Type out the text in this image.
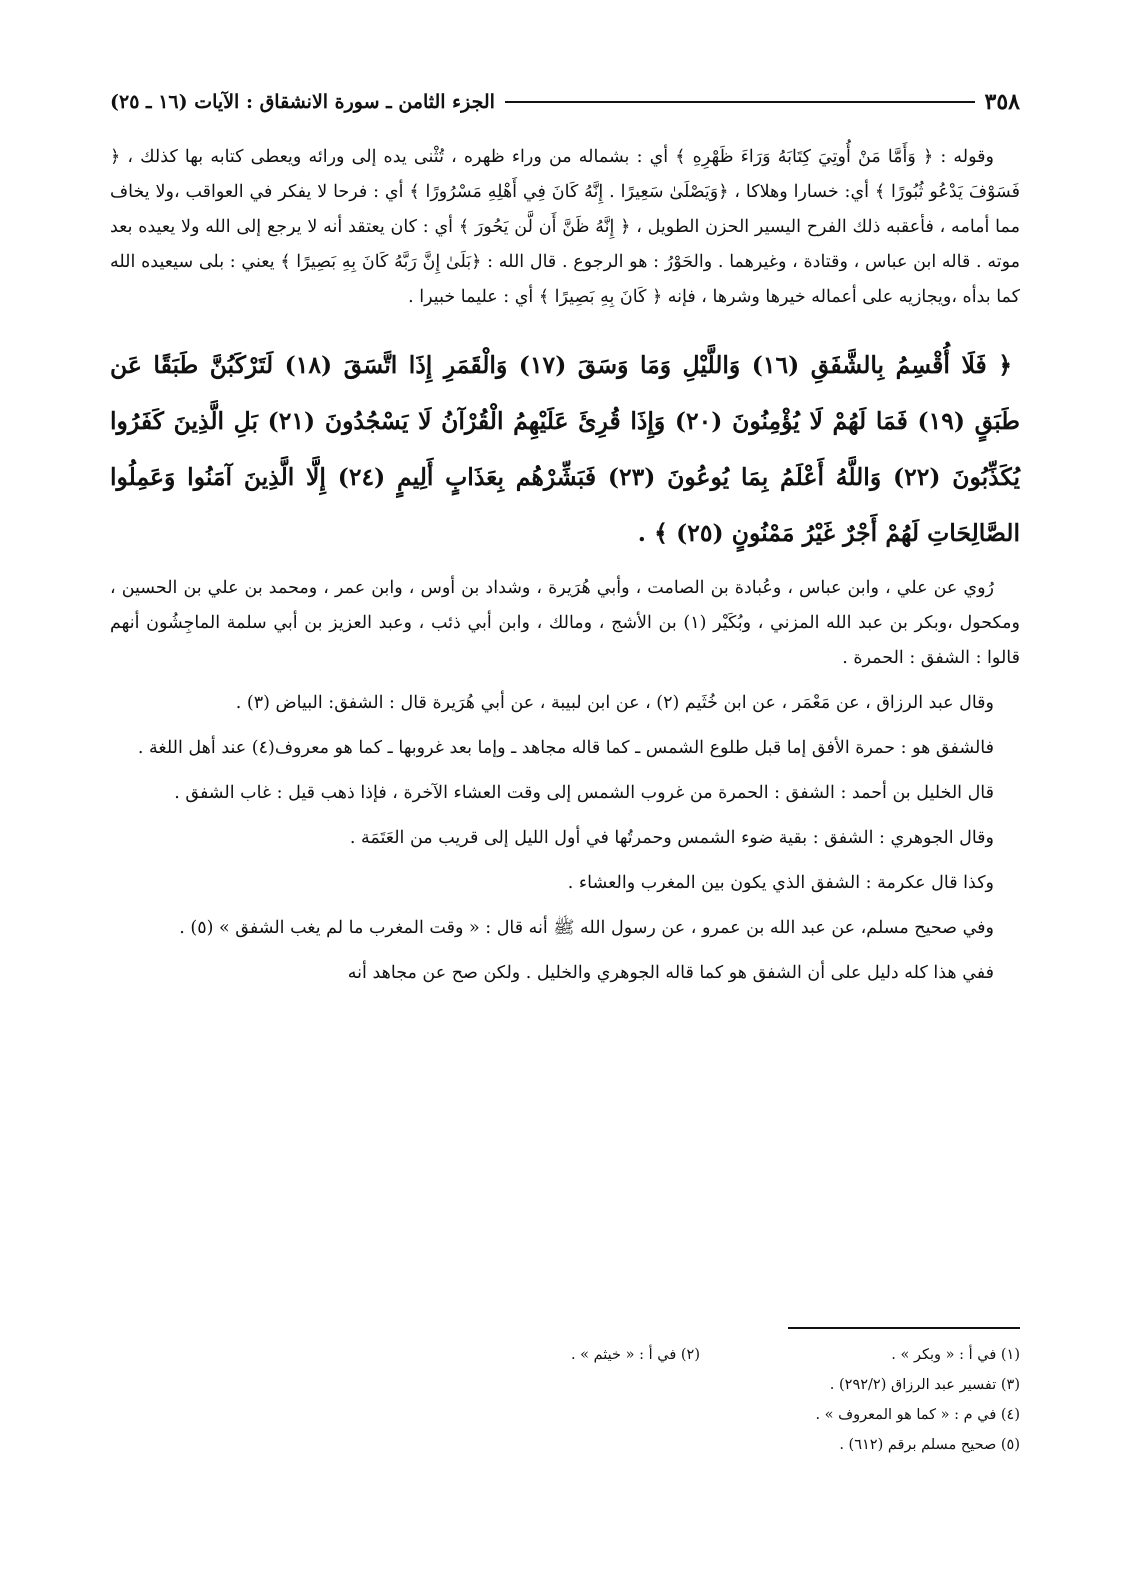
٣٥٨
الجزء الثامن ـ سورة الانشقاق : الآيات (١٦ ـ ٢٥)

وقوله : ﴿ وَأَمَّا مَنْ أُوتِيَ كِتَابَهُ وَرَاءَ ظَهْرِهِ ﴾ أي : بشماله من وراء ظهره ، تُثْنى يده إلى ورائه ويعطى كتابه بها كذلك ، ﴿ فَسَوْفَ يَدْعُو ثُبُورًا ﴾ أي: خسارا وهلاكا ، ﴿وَيَصْلَىٰ سَعِيرًا . إِنَّهُ كَانَ فِي أَهْلِهِ مَسْرُورًا ﴾ أي : فرحا لا يفكر في العواقب ،ولا يخاف مما أمامه ، فأعقبه ذلك الفرح اليسير الحزن الطويل ، ﴿ إِنَّهُ ظَنَّ أَن لَّن يَحُورَ ﴾ أي : كان يعتقد أنه لا يرجع إلى الله ولا يعيده بعد موته . قاله ابن عباس ، وقتادة ، وغيرهما . والحَوْرُ : هو الرجوع . قال الله : ﴿بَلَىٰ إِنَّ رَبَّهُ كَانَ بِهِ بَصِيرًا ﴾ يعني : بلى سيعيده الله كما بدأه ،ويجازيه على أعماله خيرها وشرها ، فإنه ﴿ كَانَ بِهِ بَصِيرًا ﴾ أي : عليما خبيرا .

﴿ فَلَا أُقْسِمُ بِالشَّفَقِ (١٦) وَاللَّيْلِ وَمَا وَسَقَ (١٧) وَالْقَمَرِ إِذَا اتَّسَقَ (١٨) لَتَرْكَبُنَّ طَبَقًا عَن طَبَقٍ (١٩) فَمَا لَهُمْ لَا يُؤْمِنُونَ (٢٠) وَإِذَا قُرِئَ عَلَيْهِمُ الْقُرْآنُ لَا يَسْجُدُونَ (٢١) بَلِ الَّذِينَ كَفَرُوا يُكَذِّبُونَ (٢٢) وَاللَّهُ أَعْلَمُ بِمَا يُوعُونَ (٢٣) فَبَشِّرْهُم بِعَذَابٍ أَلِيمٍ (٢٤) إِلَّا الَّذِينَ آمَنُوا وَعَمِلُوا الصَّالِحَاتِ لَهُمْ أَجْرٌ غَيْرُ مَمْنُونٍ (٢٥) ﴾ .

رُوي عن علي ، وابن عباس ، وعُبادة بن الصامت ، وأبي هُرَيرة ، وشداد بن أوس ، وابن عمر ، ومحمد بن علي بن الحسين ، ومكحول ،وبكر بن عبد الله المزني ، وبُكَيْر (١) بن الأشج ، ومالك ، وابن أبي ذئب ، وعبد العزيز بن أبي سلمة الماجِشُون أنهم قالوا : الشفق : الحمرة .

وقال عبد الرزاق ، عن مَعْمَر ، عن ابن خُثَيم (٢) ، عن ابن لبيبة ، عن أبي هُرَيرة قال : الشفق: البياض (٣) .

فالشفق هو : حمرة الأفق إما قبل طلوع الشمس ـ كما قاله مجاهد ـ وإما بعد غروبها ـ كما هو معروف(٤) عند أهل اللغة .

قال الخليل بن أحمد : الشفق : الحمرة من غروب الشمس إلى وقت العشاء الآخرة ، فإذا ذهب قيل : غاب الشفق .

وقال الجوهري : الشفق : بقية ضوء الشمس وحمرتُها في أول الليل إلى قريب من العَتَمَة .

وكذا قال عكرمة : الشفق الذي يكون بين المغرب والعشاء .

وفي صحيح مسلم، عن عبد الله بن عمرو ، عن رسول الله ﷺ أنه قال : « وقت المغرب ما لم يغب الشفق » (٥) .

ففي هذا كله دليل على أن الشفق هو كما قاله الجوهري والخليل . ولكن صح عن مجاهد أنه

(١) في أ : « وبكر » .
(٢) في أ : « خيثم » .
(٣) تفسير عبد الرزاق (٢٩٢/٢) .
(٤) في م : « كما هو المعروف » .
(٥) صحيح مسلم برقم (٦١٢) .
